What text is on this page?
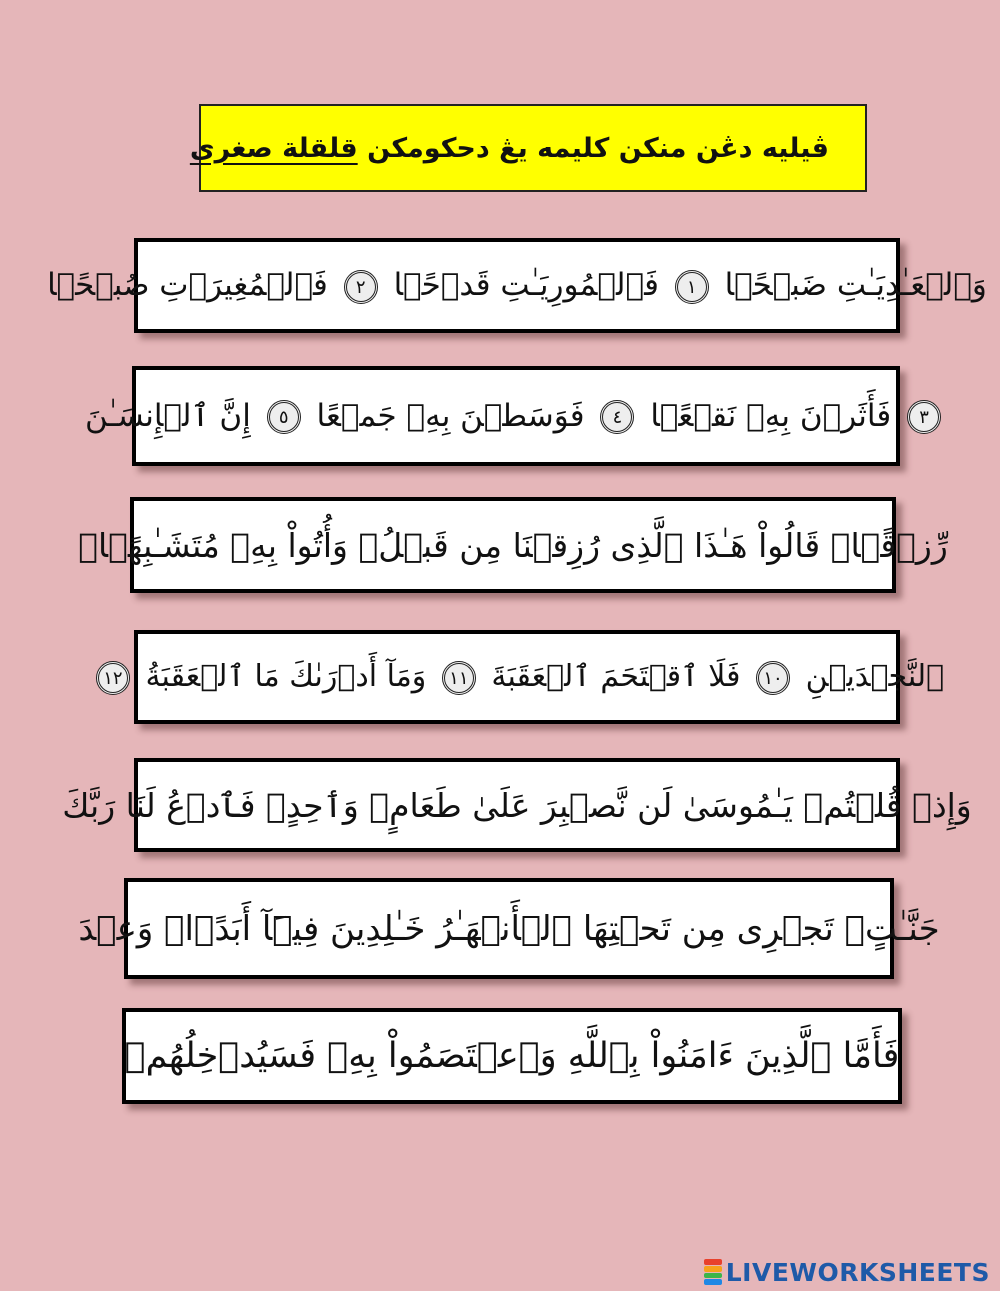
ڤيليه دڠن منكن كليمه يڠ دحكومكن قلقلة صغرى
وَٱلۡعَـٰدِيَـٰتِ ضَبۡحً۬ا ١ فَٱلۡمُورِيَـٰتِ قَدۡحً۬ا ٢ فَٱلۡمُغِيرَٲتِ صُبۡحً۬ا
٣ فَأَثَرۡنَ بِهِۦ نَقۡعً۬ا ٤ فَوَسَطۡنَ بِهِۦ جَمۡعًا ٥ إِنَّ ٱلۡإِنسَـٰنَ
رِّزۡقً۬اۙ قَالُواْ هَـٰذَا ٱلَّذِى رُزِقۡنَا مِن قَبۡلُۖ وَأُتُواْ بِهِۦ مُتَشَـٰبِهً۬اۖ
ٱلنَّجۡدَيۡنِ ١٠ فَلَا ٱقۡتَحَمَ ٱلۡعَقَبَةَ ١١ وَمَآ أَدۡرَٮٰكَ مَا ٱلۡعَقَبَةُ ١٢
وَإِذۡ قُلۡتُمۡ يَـٰمُوسَىٰ لَن نَّصۡبِرَ عَلَىٰ طَعَامٍ۬ وَٲحِدٍ۬ فَٱدۡعُ لَنَا رَبَّكَ
جَنَّـٰتٍ۬ تَجۡرِى مِن تَحۡتِهَا ٱلۡأَنۡهَـٰرُ خَـٰلِدِينَ فِيہَآ أَبَدً۬اۖ وَعۡدَ
فَأَمَّا ٱلَّذِينَ ءَامَنُواْ بِٱللَّهِ وَٱعۡتَصَمُواْ بِهِۦ فَسَيُدۡخِلُهُمۡ
LIVEWORKSHEETS
